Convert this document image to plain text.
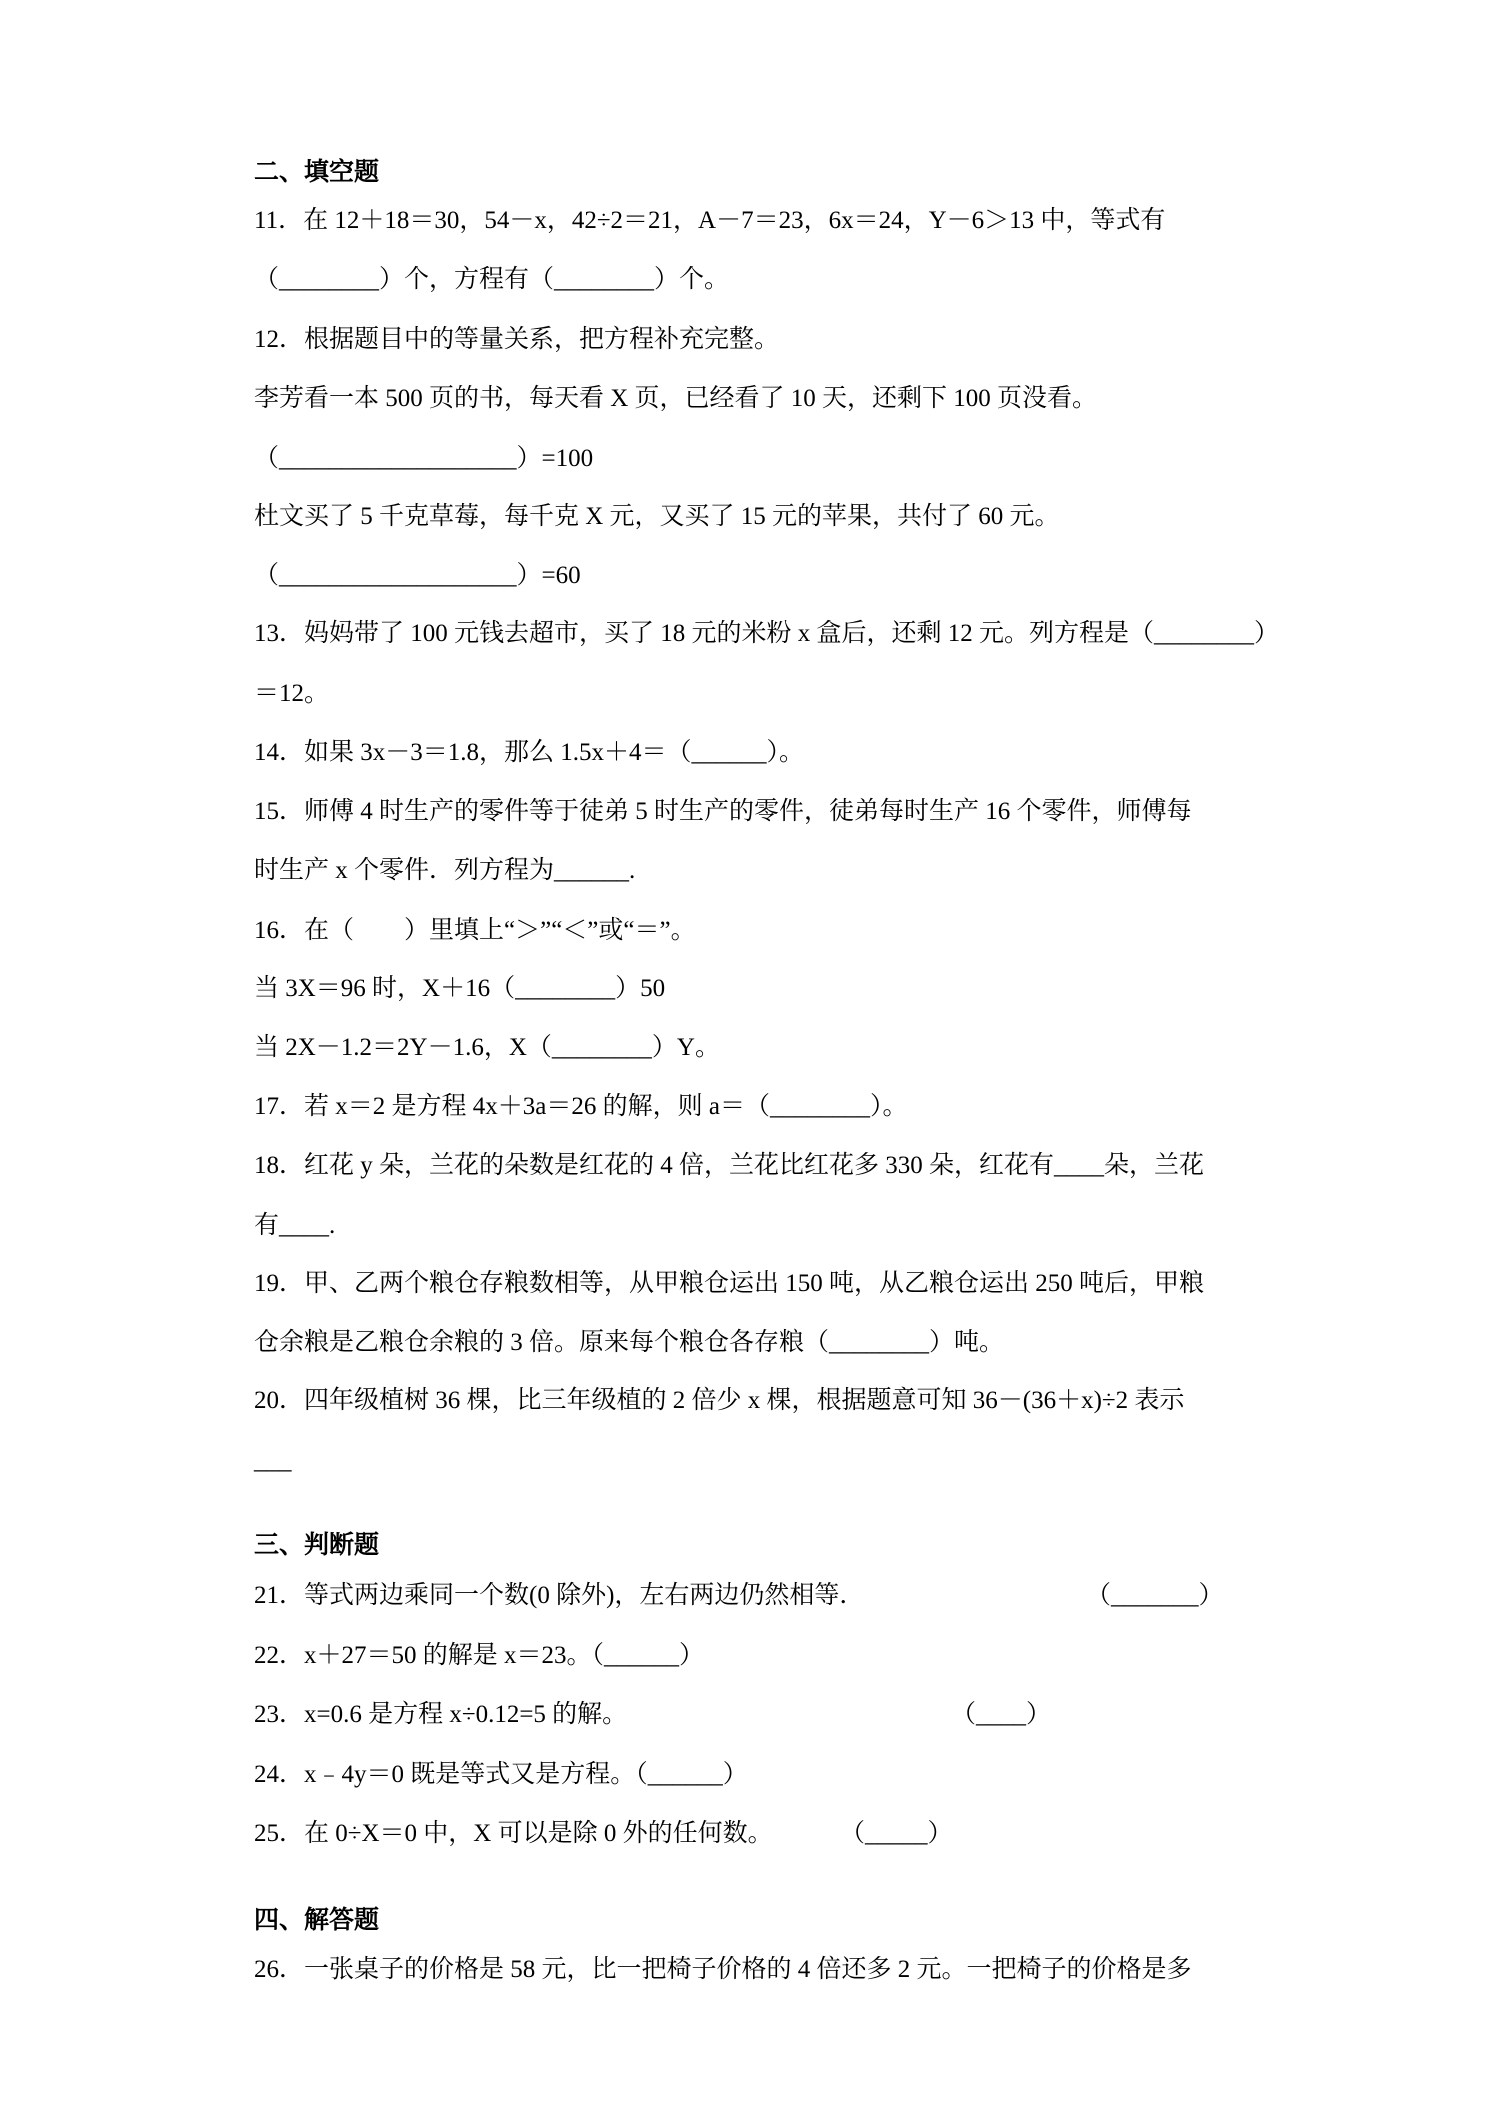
二、填空题
11．在 12＋18＝30，54－x，42÷2＝21，A－7＝23，6x＝24，Y－6＞13 中，等式有
（________）个，方程有（________）个。
12．根据题目中的等量关系，把方程补充完整。
李芳看一本 500 页的书，每天看 X 页，已经看了 10 天，还剩下 100 页没看。
（___________________）=100
杜文买了 5 千克草莓，每千克 X 元，又买了 15 元的苹果，共付了 60 元。
（___________________）=60
13．妈妈带了 100 元钱去超市，买了 18 元的米粉 x 盒后，还剩 12 元。列方程是（________）
＝12。
14．如果 3x－3＝1.8，那么 1.5x＋4＝（______）。
15．师傅 4 时生产的零件等于徒弟 5 时生产的零件，徒弟每时生产 16 个零件，师傅每
时生产 x 个零件．列方程为______.
16．在（　　）里填上“＞”“＜”或“＝”。
当 3X＝96 时，X＋16（________）50
当 2X－1.2＝2Y－1.6，X（________）Y。
17．若 x＝2 是方程 4x＋3a＝26 的解，则 a＝（________）。
18．红花 y 朵，兰花的朵数是红花的 4 倍，兰花比红花多 330 朵，红花有____朵，兰花
有____.
19．甲、乙两个粮仓存粮数相等，从甲粮仓运出 150 吨，从乙粮仓运出 250 吨后，甲粮
仓余粮是乙粮仓余粮的 3 倍。原来每个粮仓各存粮（________）吨。
20．四年级植树 36 棵，比三年级植的 2 倍少 x 棵，根据题意可知 36－(36＋x)÷2 表示
___
三、判断题
21．等式两边乘同一个数(0 除外)，左右两边仍然相等．	（_______）
22．x＋27＝50 的解是 x＝23。（______）
23．x=0.6 是方程 x÷0.12=5 的解。	（____）
24．x﹣4y＝0 既是等式又是方程。（______）
25．在 0÷X＝0 中，X 可以是除 0 外的任何数。	（_____）
四、解答题
26．一张桌子的价格是 58 元，比一把椅子价格的 4 倍还多 2 元。一把椅子的价格是多
